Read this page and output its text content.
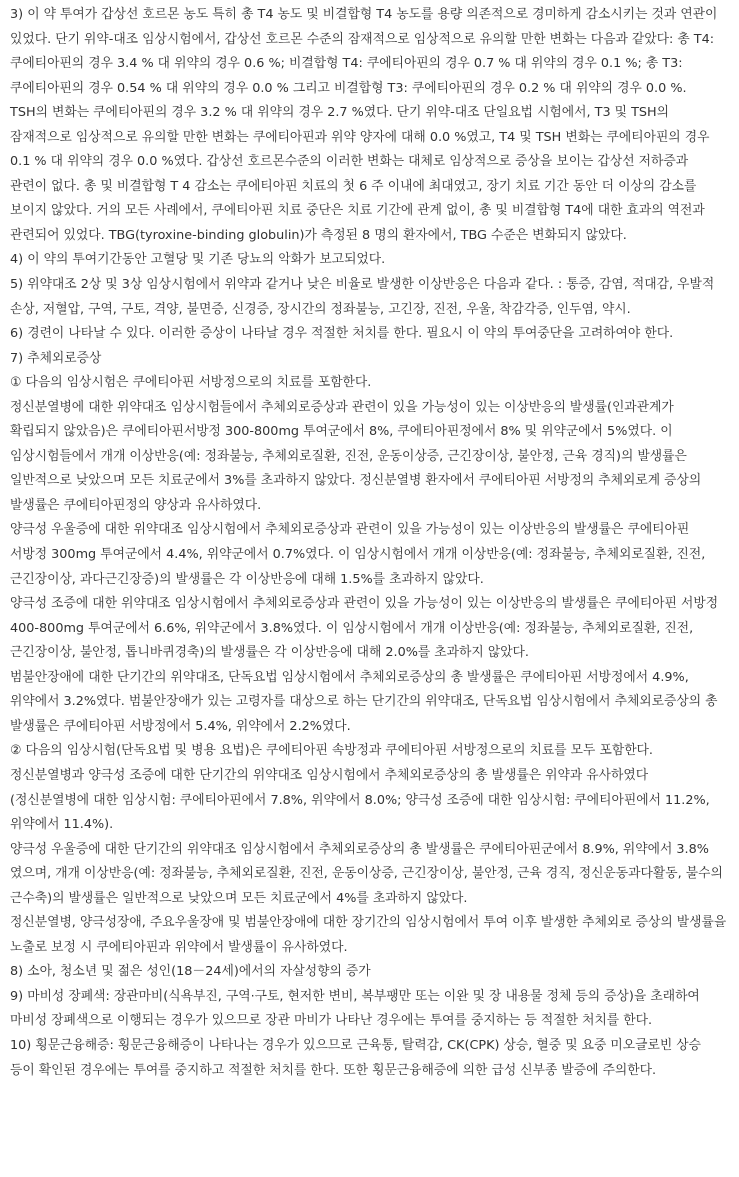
3) 이 약 투여가 갑상선 호르몬 농도 특히 총 T4 농도 및 비결합형 T4 농도를 용량 의존적으로 경미하게 감소시키는 것과 연관이 있었다. 단기 위약-대조 임상시험에서, 갑상선 호르몬 수준의 잠재적으로 임상적으로 유의할 만한 변화는 다음과 같았다: 총 T4: 쿠에티아핀의 경우 3.4 % 대 위약의 경우 0.6 %; 비결합형 T4: 쿠에티아핀의 경우 0.7 % 대 위약의 경우 0.1 %; 총 T3: 쿠에티아핀의 경우 0.54 % 대 위약의 경우 0.0 % 그리고 비결합형 T3: 쿠에티아핀의 경우 0.2 % 대 위약의 경우 0.0 %. TSH의 변화는 쿠에티아핀의 경우 3.2 % 대 위약의 경우 2.7 %였다. 단기 위약-대조 단일요법 시험에서, T3 및 TSH의 잠재적으로 임상적으로 유의할 만한 변화는 쿠에티아핀과 위약 양자에 대해 0.0 %였고, T4 및 TSH 변화는 쿠에티아핀의 경우 0.1 % 대 위약의 경우 0.0 %였다. 갑상선 호르몬수준의 이러한 변화는 대체로 임상적으로 증상을 보이는 갑상선 저하증과 관련이 없다. 총 및 비결합형 T 4 감소는 쿠에티아핀 치료의 첫 6 주 이내에 최대였고, 장기 치료 기간 동안 더 이상의 감소를 보이지 않았다. 거의 모든 사례에서, 쿠에티아핀 치료 중단은 치료 기간에 관계 없이, 총 및 비결합형 T4에 대한 효과의 역전과 관련되어 있었다. TBG(tyroxine-binding globulin)가 측정된 8 명의 환자에서, TBG 수준은 변화되지 않았다.

4) 이 약의 투여기간동안 고혈당 및 기존 당뇨의 악화가 보고되었다.

5) 위약대조 2상 및 3상 임상시험에서 위약과 같거나 낮은 비율로 발생한 이상반응은 다음과 같다. : 통증, 감염, 적대감, 우발적 손상, 저혈압, 구역, 구토, 격양, 불면증, 신경증, 장시간의 정좌불능, 고긴장, 진전, 우울, 착감각증, 인두염, 약시.

6) 경련이 나타날 수 있다. 이러한 증상이 나타날 경우 적절한 처치를 한다. 필요시 이 약의 투여중단을 고려하여야 한다.

7) 추체외로증상

① 다음의 임상시험은 쿠에티아핀 서방정으로의 치료를 포함한다.

정신분열병에 대한 위약대조 임상시험들에서 추체외로증상과 관련이 있을 가능성이 있는 이상반응의 발생률(인과관계가 확립되지 않았음)은 쿠에티아핀서방정 300-800mg 투여군에서 8%, 쿠에티아핀정에서 8% 및 위약군에서 5%였다. 이 임상시험들에서 개개 이상반응(예: 정좌불능, 추체외로질환, 진전, 운동이상증, 근긴장이상, 불안정, 근육 경직)의 발생률은 일반적으로 낮았으며 모든 치료군에서 3%를 초과하지 않았다. 정신분열병 환자에서 쿠에티아핀 서방정의 추체외로계 증상의 발생률은 쿠에티아핀정의 양상과 유사하였다.

양극성 우울증에 대한 위약대조 임상시험에서 추체외로증상과 관련이 있을 가능성이 있는 이상반응의 발생률은 쿠에티아핀 서방정 300mg 투여군에서 4.4%, 위약군에서 0.7%였다. 이 임상시험에서 개개 이상반응(예: 정좌불능, 추체외로질환, 진전, 근긴장이상, 과다근긴장증)의 발생률은 각 이상반응에 대해 1.5%를 초과하지 않았다.

양극성 조증에 대한 위약대조 임상시험에서 추체외로증상과 관련이 있을 가능성이 있는 이상반응의 발생률은 쿠에티아핀 서방정 400-800mg 투여군에서 6.6%, 위약군에서 3.8%였다. 이 임상시험에서 개개 이상반응(예: 정좌불능, 추체외로질환, 진전, 근긴장이상, 불안정, 톱니바퀴경축)의 발생률은 각 이상반응에 대해 2.0%를 초과하지 않았다.

범불안장애에 대한 단기간의 위약대조, 단독요법 임상시험에서 추체외로증상의 총 발생률은 쿠에티아핀 서방정에서 4.9%, 위약에서 3.2%였다. 범불안장애가 있는 고령자를 대상으로 하는 단기간의 위약대조, 단독요법 임상시험에서 추체외로증상의 총 발생률은 쿠에티아핀 서방정에서 5.4%, 위약에서 2.2%였다.

② 다음의 임상시험(단독요법 및 병용 요법)은 쿠에티아핀 속방정과 쿠에티아핀 서방정으로의 치료를 모두 포함한다.

정신분열병과 양극성 조증에 대한 단기간의 위약대조 임상시험에서 추체외로증상의 총 발생률은 위약과 유사하였다(정신분열병에 대한 임상시험: 쿠에티아핀에서 7.8%, 위약에서 8.0%; 양극성 조증에 대한 임상시험: 쿠에티아핀에서 11.2%, 위약에서 11.4%).

양극성 우울증에 대한 단기간의 위약대조 임상시험에서 추체외로증상의 총 발생률은 쿠에티아핀군에서 8.9%, 위약에서 3.8%였으며, 개개 이상반응(예: 정좌불능, 추체외로질환, 진전, 운동이상증, 근긴장이상, 불안정, 근육 경직, 정신운동과다활동, 불수의 근수축)의 발생률은 일반적으로 낮았으며 모든 치료군에서 4%를 초과하지 않았다.

정신분열병, 양극성장애, 주요우울장애 및 범불안장애에 대한 장기간의 임상시험에서 투여 이후 발생한 추체외로 증상의 발생률을 노출로 보정 시 쿠에티아핀과 위약에서 발생률이 유사하였다.

8) 소아, 청소년 및 젊은 성인(18－24세)에서의 자살성향의 증가

9) 마비성 장폐색: 장관마비(식욕부진, 구역·구토, 현저한 변비, 복부팽만 또는 이완 및 장 내용물 정체 등의 증상)을 초래하여 마비성 장폐색으로 이행되는 경우가 있으므로 장관 마비가 나타난 경우에는 투여를 중지하는 등 적절한 처치를 한다.

10) 횡문근융해증: 횡문근융해증이 나타나는 경우가 있으므로 근육통, 탈력감, CK(CPK) 상승, 혈중 및 요중 미오글로빈 상승 등이 확인된 경우에는 투여를 중지하고 적절한 처치를 한다. 또한 횡문근융해증에 의한 급성 신부종 발증에 주의한다.
